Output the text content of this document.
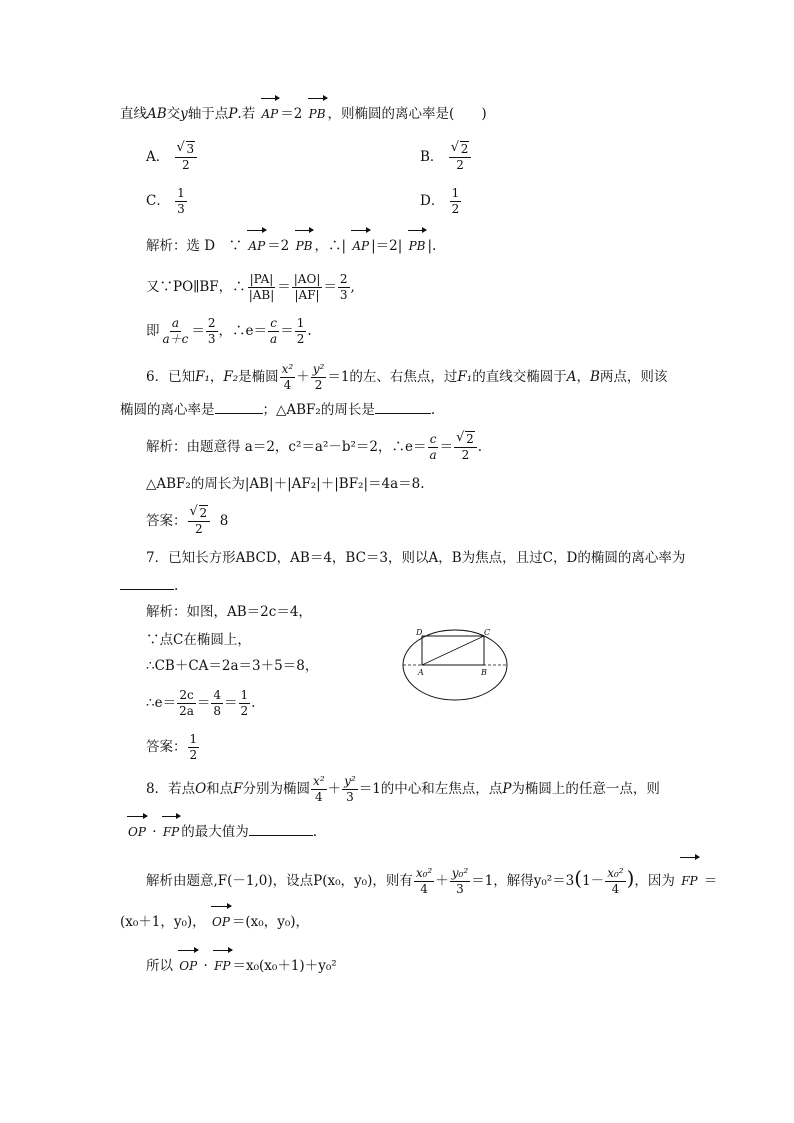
直线AB交y轴于点P.若 AP ＝2 PB ，则椭圆的离心率是(　　)
A． $\frac{√ 3}{2}$	B． $\frac{√ 2}{2}$
C． $\frac{1}{3}$	D． $\frac{1}{2}$
解析：选 D　∵ AP ＝2 PB ，∴| AP |＝2| PB |.
又∵PO∥BF，∴ $\frac{|PA|}{|AB|} = \frac{|AO|}{|AF|} = \frac{2}{3}$ ,
即 $\frac{a}{a+c} = \frac{2}{3}$ ，∴e＝ $\frac{c}{a} = \frac{1}{2}$ .
6．已知F₁，F₂是椭圆 $\frac{\text{x²}}{4} + \frac{\text{y²}}{2} =1$的左、右焦点，过F₁的直线交椭圆于A，B两点，则该
椭圆的离心率是	；△ABF₂的周长是	.
解析：由题意得 a＝2，c²＝a²－b²＝2，∴e＝ $\frac{c}{a} = \frac{√ 2}{2}$ .
△ABF₂的周长为|AB|＋|AF₂|＋|BF₂|＝4a＝8.
答案： $\frac{√ 2}{2} 8$
7．已知长方形ABCD，AB＝4，BC＝3，则以A，B为焦点，且过C，D的椭圆的离心率为
.
解析：如图，AB＝2c＝4，
∵点C在椭圆上，
∴CB＋CA＝2a＝3＋5＝8，
∴e＝ $\frac{2c}{2a} = \frac{4}{8} = \frac{1}{2}$ .
答案： $\frac{1}{2}$
D	C
A	B
8．若点O和点F分别为椭圆 $\frac{\text{x²}}{4} + \frac{\text{y²}}{3} =1$的中心和左焦点，点P为椭圆上的任意一点，则
OP · FP 的最大值为	.
解析由题意,F(－1,0)，设点P(x₀，y₀)，则有 $\frac{\text{x₀²}}{4} + \frac{\text{y₀²}}{3} =1$，解得$y_0^2=3(1- \frac{\text{x₀²}}{4}$ )，因为 FP ＝
(x₀＋1，y₀)， OP ＝(x₀，y₀)，
所以 OP · FP ＝x₀(x₀＋1)＋y₀²
